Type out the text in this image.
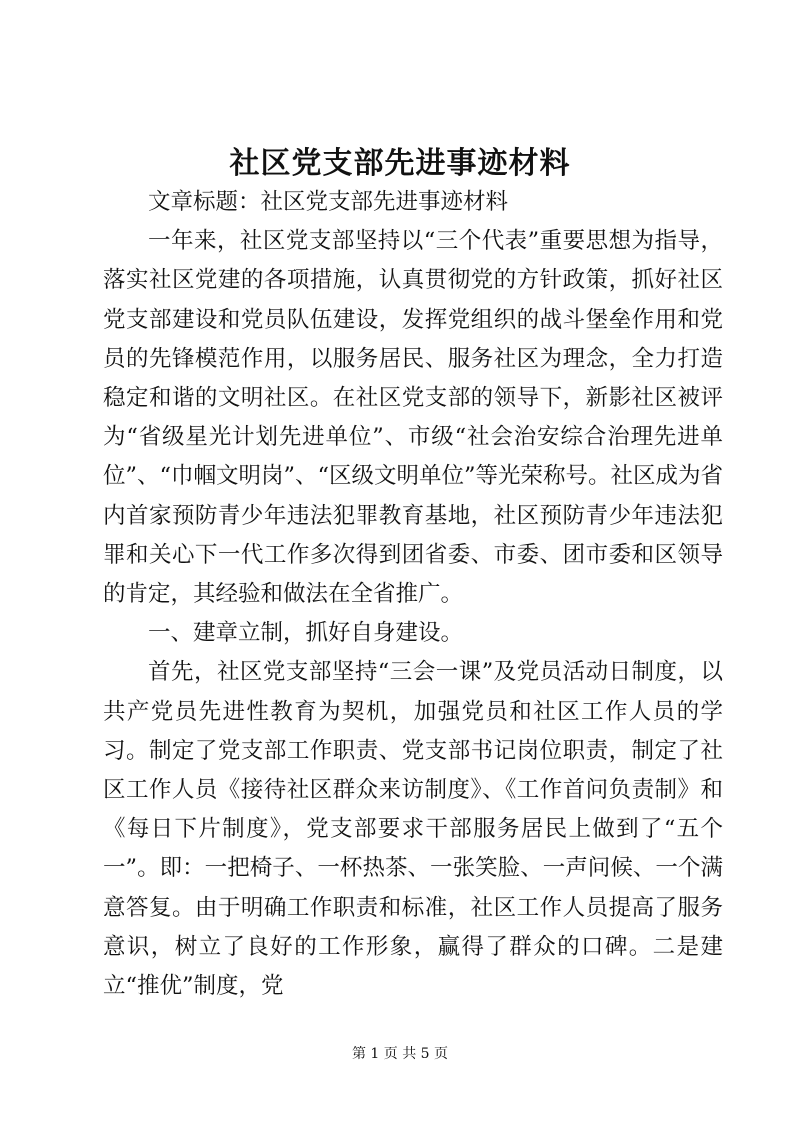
社区党支部先进事迹材料

文章标题：社区党支部先进事迹材料

一年来，社区党支部坚持以“三个代表”重要思想为指导，落实社区党建的各项措施，认真贯彻党的方针政策，抓好社区党支部建设和党员队伍建设，发挥党组织的战斗堡垒作用和党员的先锋模范作用，以服务居民、服务社区为理念，全力打造稳定和谐的文明社区。在社区党支部的领导下，新影社区被评为“省级星光计划先进单位”、市级“社会治安综合治理先进单位”、“巾帼文明岗”、“区级文明单位”等光荣称号。社区成为省内首家预防青少年违法犯罪教育基地，社区预防青少年违法犯罪和关心下一代工作多次得到团省委、市委、团市委和区领导的肯定，其经验和做法在全省推广。

一、建章立制，抓好自身建设。

首先，社区党支部坚持“三会一课”及党员活动日制度，以共产党员先进性教育为契机，加强党员和社区工作人员的学习。制定了党支部工作职责、党支部书记岗位职责，制定了社区工作人员《接待社区群众来访制度》、《工作首问负责制》和《每日下片制度》，党支部要求干部服务居民上做到了“五个一”。即：一把椅子、一杯热茶、一张笑脸、一声问候、一个满意答复。由于明确工作职责和标准，社区工作人员提高了服务意识，树立了良好的工作形象，赢得了群众的口碑。二是建立“推优”制度，党

第 1 页 共 5 页
